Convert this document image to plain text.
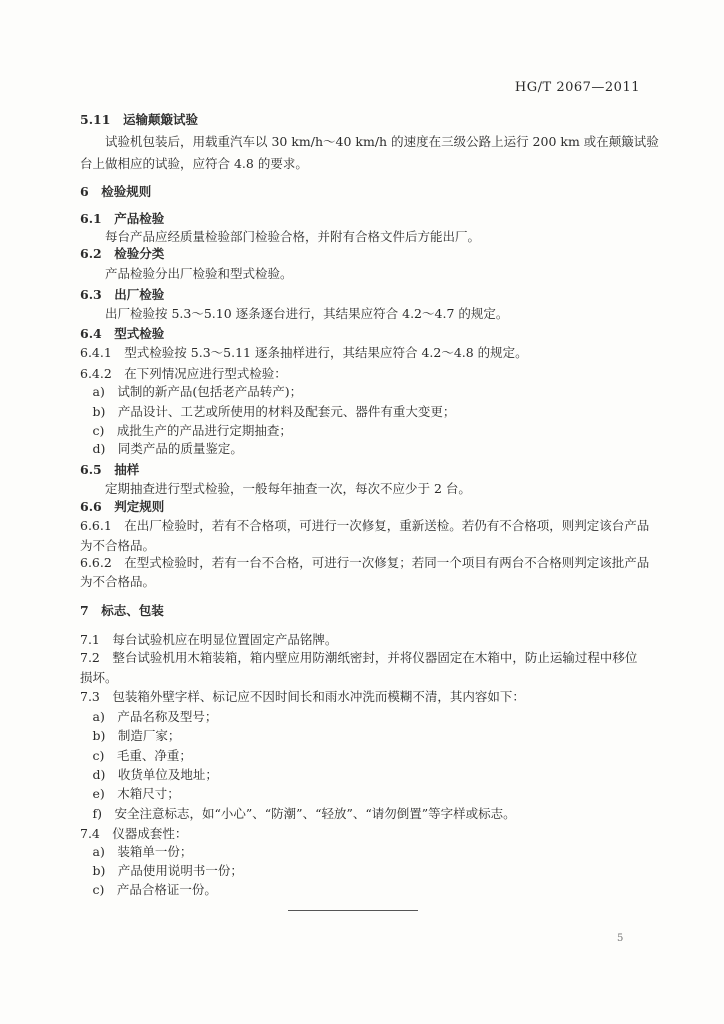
HG/T 2067—2011
5.11　运输颠簸试验
　　试验机包装后，用载重汽车以 30 km/h～40 km/h 的速度在三级公路上运行 200 km 或在颠簸试验
台上做相应的试验，应符合 4.8 的要求。
6　检验规则
6.1　产品检验
　　每台产品应经质量检验部门检验合格，并附有合格文件后方能出厂。
6.2　检验分类
　　产品检验分出厂检验和型式检验。
6.3　出厂检验
　　出厂检验按 5.3～5.10 逐条逐台进行，其结果应符合 4.2～4.7 的规定。
6.4　型式检验
6.4.1　型式检验按 5.3～5.11 逐条抽样进行，其结果应符合 4.2～4.8 的规定。
6.4.2　在下列情况应进行型式检验：
　a)　试制的新产品(包括老产品转产)；
　b)　产品设计、工艺或所使用的材料及配套元、器件有重大变更；
　c)　成批生产的产品进行定期抽查；
　d)　同类产品的质量鉴定。
6.5　抽样
　　定期抽查进行型式检验，一般每年抽查一次，每次不应少于 2 台。
6.6　判定规则
6.6.1　在出厂检验时，若有不合格项，可进行一次修复，重新送检。若仍有不合格项，则判定该台产品
为不合格品。
6.6.2　在型式检验时，若有一台不合格，可进行一次修复；若同一个项目有两台不合格则判定该批产品
为不合格品。
7　标志、包装
7.1　每台试验机应在明显位置固定产品铭牌。
7.2　整台试验机用木箱装箱，箱内壁应用防潮纸密封，并将仪器固定在木箱中，防止运输过程中移位
损坏。
7.3　包装箱外壁字样、标记应不因时间长和雨水冲洗而模糊不清，其内容如下：
　a)　产品名称及型号；
　b)　制造厂家；
　c)　毛重、净重；
　d)　收货单位及地址；
　e)　木箱尺寸；
　f)　安全注意标志，如“小心”、“防潮”、“轻放”、“请勿倒置”等字样或标志。
7.4　仪器成套性：
　a)　装箱单一份；
　b)　产品使用说明书一份；
　c)　产品合格证一份。
5
